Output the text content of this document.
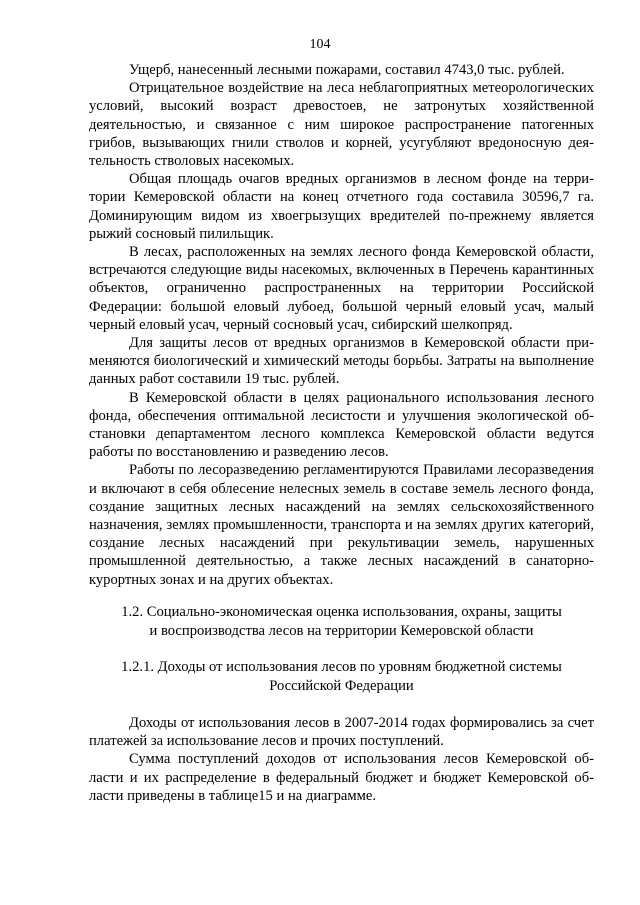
104

Ущерб, нанесенный лесными пожарами, составил 4743,0 тыс. рублей.

Отрицательное воздействие на леса неблагоприятных метеорологических условий, высокий возраст древостоев, не затронутых хозяйственной деятельностью, и связанное с ним широкое распространение патогенных грибов, вызывающих гнили стволов и корней, усугубляют вредоносную деятельность стволовых насекомых.

Общая площадь очагов вредных организмов в лесном фонде на территории Кемеровской области на конец отчетного года составила 30596,7 га. Доминирующим видом из хвоегрызущих вредителей по-прежнему является рыжий сосновый пилильщик.

В лесах, расположенных на землях лесного фонда Кемеровской области, встречаются следующие виды насекомых, включенных в Перечень карантинных объектов, ограниченно распространенных на территории Российской Федерации: большой еловый лубоед, большой черный еловый усач, малый черный еловый усач, черный сосновый усач, сибирский шелкопряд.

Для защиты лесов от вредных организмов в Кемеровской области применяются биологический и химический методы борьбы. Затраты на выполнение данных работ составили 19 тыс. рублей.

В Кемеровской области в целях рационального использования лесного фонда, обеспечения оптимальной лесистости и улучшения экологической обстановки департаментом лесного комплекса Кемеровской области ведутся работы по восстановлению и разведению лесов.

Работы по лесоразведению регламентируются Правилами лесоразведения и включают в себя облесение нелесных земель в составе земель лесного фонда, создание защитных лесных насаждений на землях сельскохозяйственного назначения, землях промышленности, транспорта и на землях других категорий, создание лесных насаждений при рекультивации земель, нарушенных промышленной деятельностью, а также лесных насаждений в санаторно-курортных зонах и на других объектах.

1.2. Социально-экономическая оценка использования, охраны, защиты
и воспроизводства лесов на территории Кемеровской области
1.2.1. Доходы от использования лесов по уровням бюджетной системы
Российской Федерации

Доходы от использования лесов в 2007-2014 годах формировались за счет платежей за использование лесов и прочих поступлений.

Сумма поступлений доходов от использования лесов Кемеровской области и их распределение в федеральный бюджет и бюджет Кемеровской области приведены в таблице15 и на диаграмме.
